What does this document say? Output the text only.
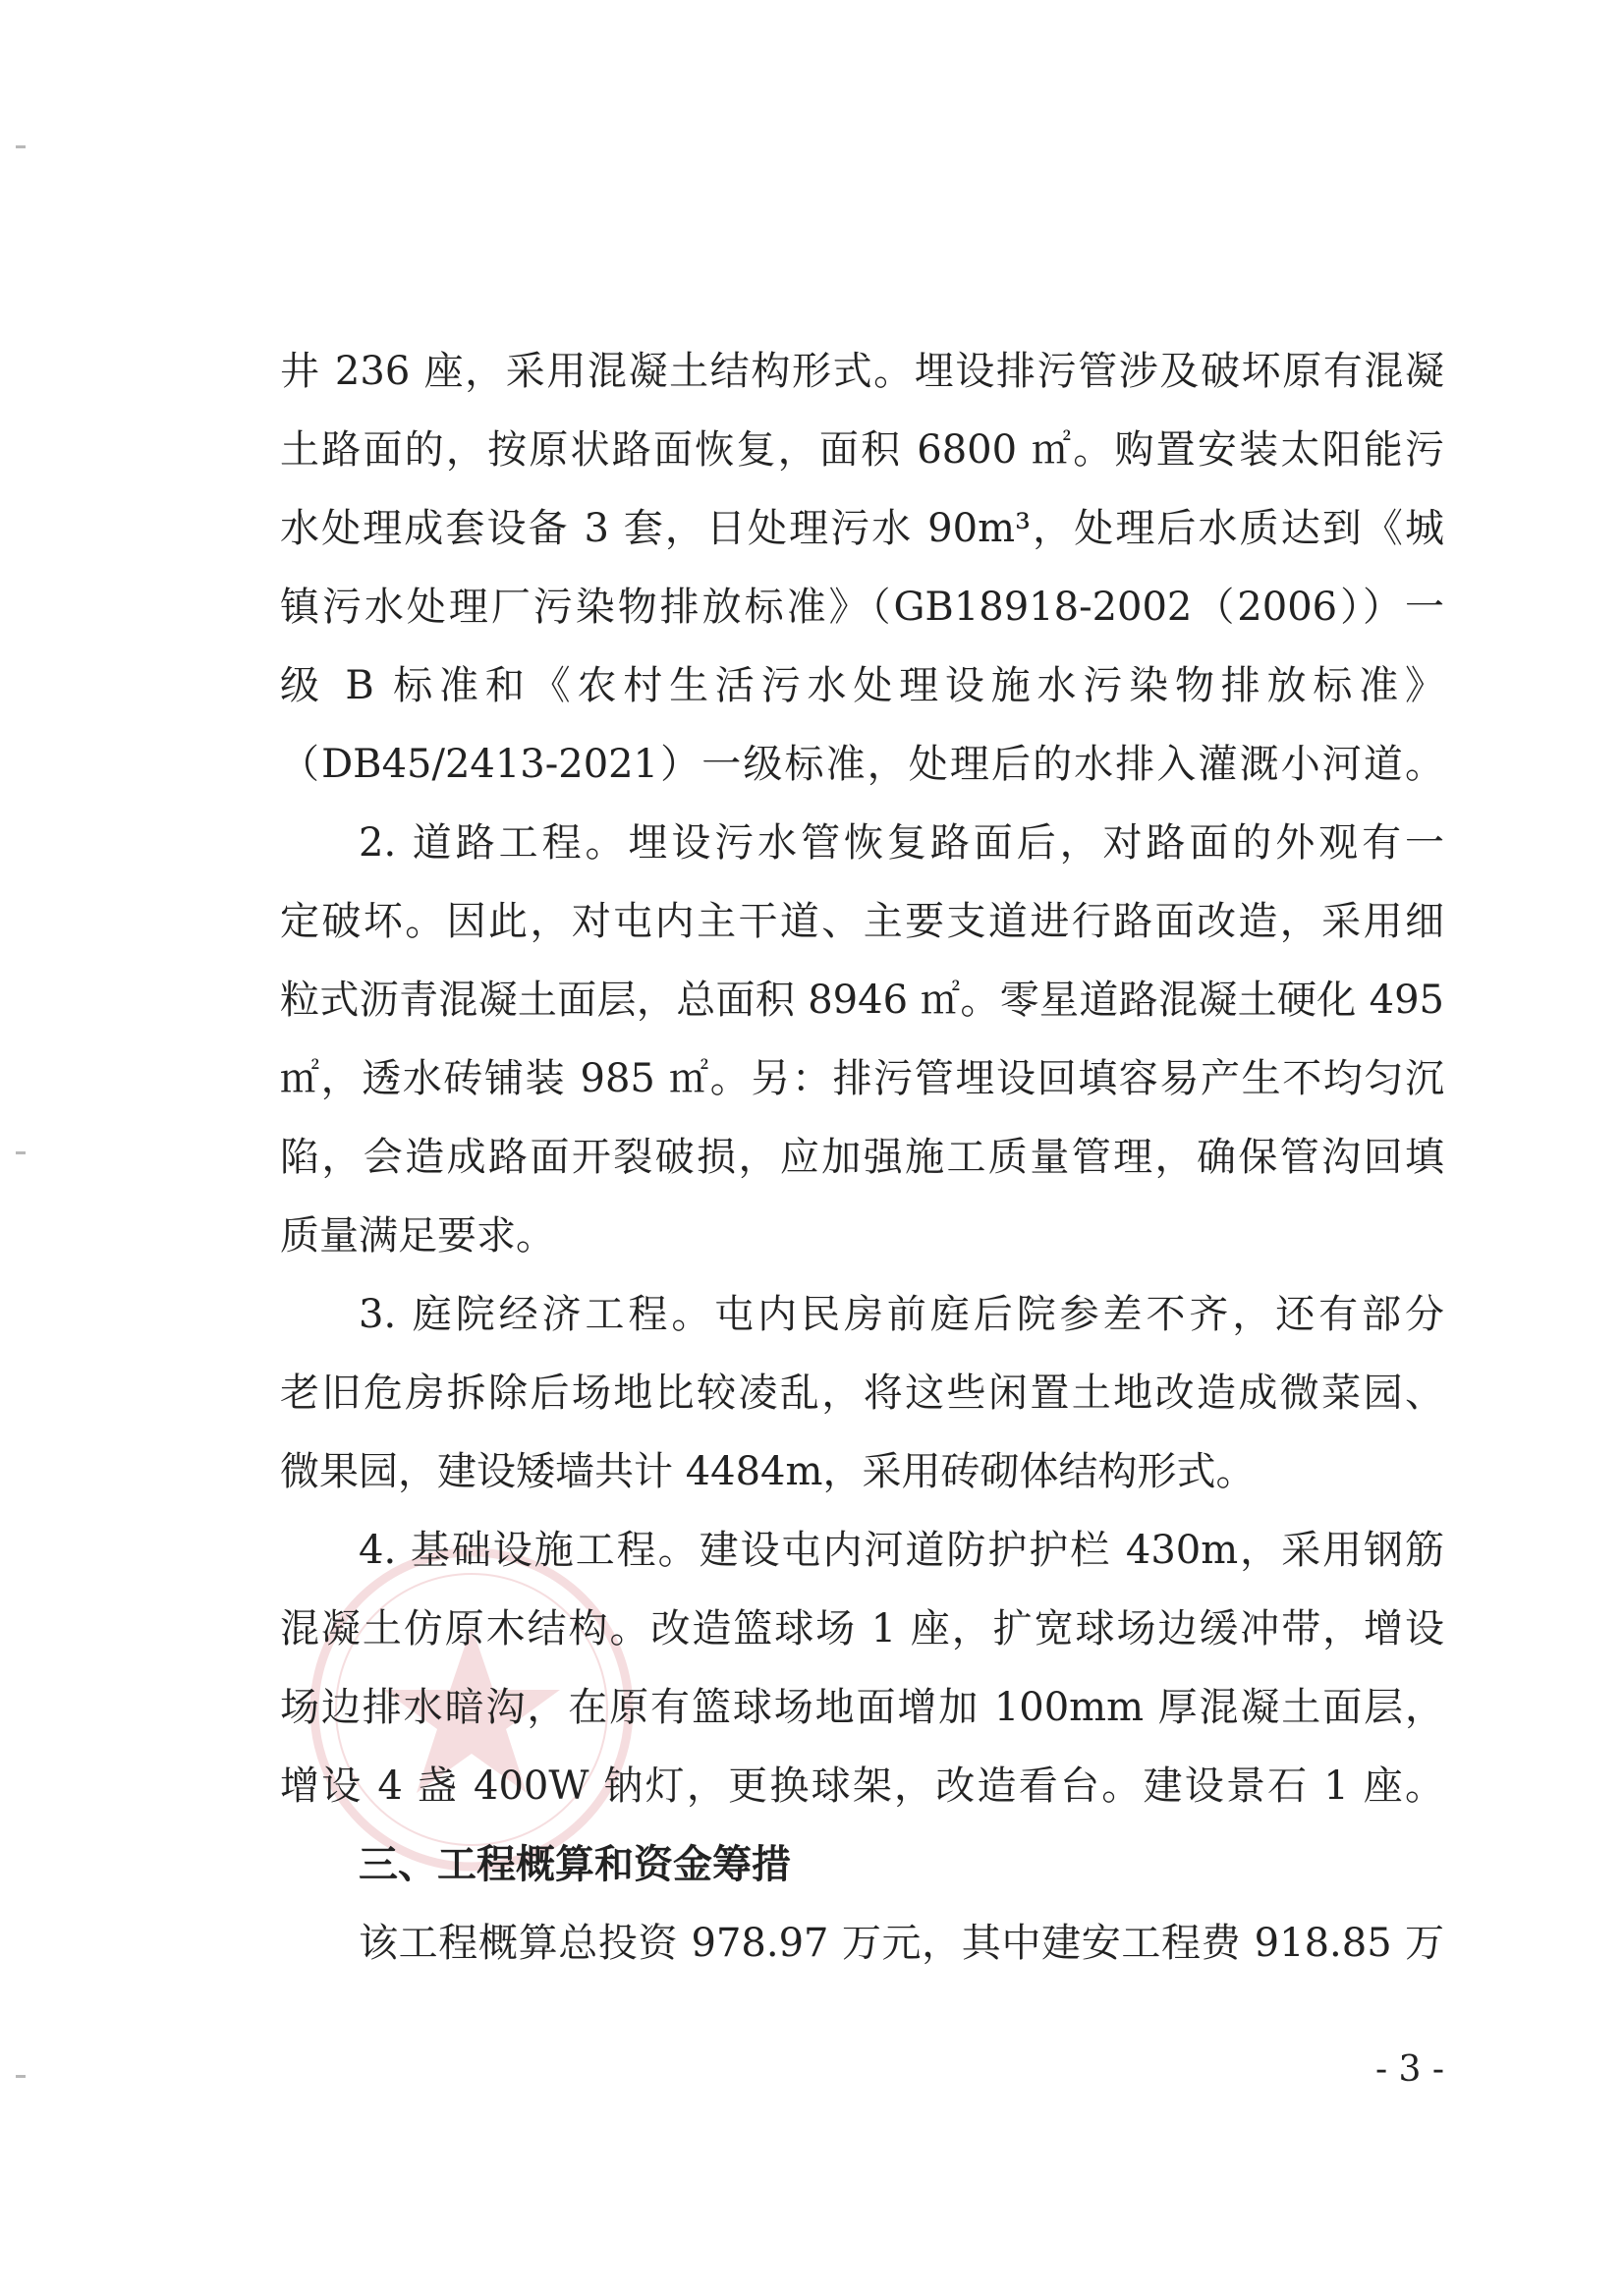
井 236 座，采用混凝土结构形式。埋设排污管涉及破坏原有混凝
土路面的，按原状路面恢复，面积 6800 ㎡。购置安装太阳能污
水处理成套设备 3 套，日处理污水 90m³，处理后水质达到《城
镇污水处理厂污染物排放标准》（GB18918-2002（2006））一
级 B 标准和《农村生活污水处理设施水污染物排放标准》
（DB45/2413-2021）一级标准，处理后的水排入灌溉小河道。
2. 道路工程。埋设污水管恢复路面后，对路面的外观有一
定破坏。因此，对屯内主干道、主要支道进行路面改造，采用细
粒式沥青混凝土面层，总面积 8946 ㎡。零星道路混凝土硬化 495
㎡，透水砖铺装 985 ㎡。另：排污管埋设回填容易产生不均匀沉
陷，会造成路面开裂破损，应加强施工质量管理，确保管沟回填
质量满足要求。
3. 庭院经济工程。屯内民房前庭后院参差不齐，还有部分
老旧危房拆除后场地比较凌乱，将这些闲置土地改造成微菜园、
微果园，建设矮墙共计 4484m，采用砖砌体结构形式。
4. 基础设施工程。建设屯内河道防护护栏 430m，采用钢筋
混凝土仿原木结构。改造篮球场 1 座，扩宽球场边缓冲带，增设
场边排水暗沟，在原有篮球场地面增加 100mm 厚混凝土面层，
增设 4 盏 400W 钠灯，更换球架，改造看台。建设景石 1 座。
三、工程概算和资金筹措
该工程概算总投资 978.97 万元，其中建安工程费 918.85 万
- 3 -
